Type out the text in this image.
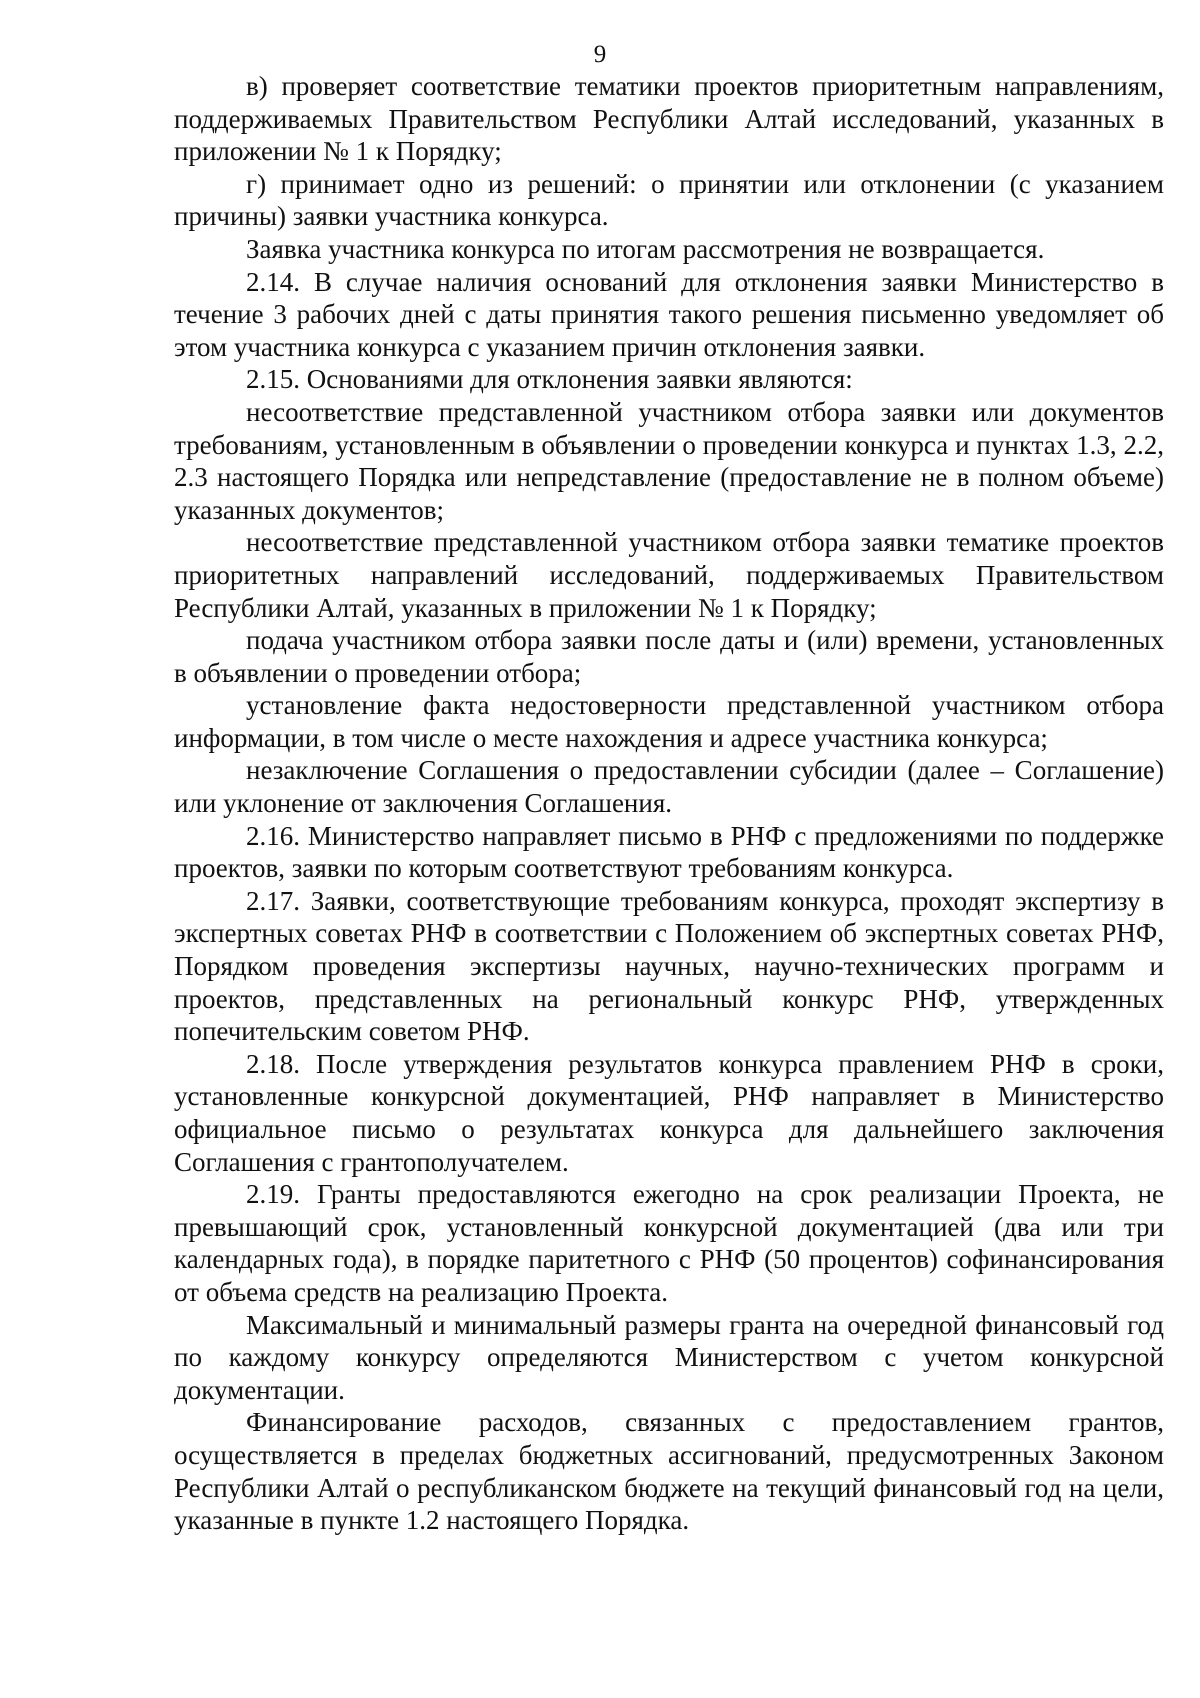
9

в) проверяет соответствие тематики проектов приоритетным направлениям, поддерживаемых Правительством Республики Алтай исследований, указанных в приложении № 1 к Порядку;

г) принимает одно из решений: о принятии или отклонении (с указанием причины) заявки участника конкурса.

Заявка участника конкурса по итогам рассмотрения не возвращается.

2.14. В случае наличия оснований для отклонения заявки Министерство в течение 3 рабочих дней с даты принятия такого решения письменно уведомляет об этом участника конкурса с указанием причин отклонения заявки.

2.15. Основаниями для отклонения заявки являются:

несоответствие представленной участником отбора заявки или документов требованиям, установленным в объявлении о проведении конкурса и пунктах 1.3, 2.2, 2.3 настоящего Порядка или непредставление (предоставление не в полном объеме) указанных документов;

несоответствие представленной участником отбора заявки тематике проектов приоритетных направлений исследований, поддерживаемых Правительством Республики Алтай, указанных в приложении № 1 к Порядку;

подача участником отбора заявки после даты и (или) времени, установленных в объявлении о проведении отбора;

установление факта недостоверности представленной участником отбора информации, в том числе о месте нахождения и адресе участника конкурса;

незаключение Соглашения о предоставлении субсидии (далее – Соглашение) или уклонение от заключения Соглашения.

2.16. Министерство направляет письмо в РНФ с предложениями по поддержке проектов, заявки по которым соответствуют требованиям конкурса.

2.17. Заявки, соответствующие требованиям конкурса, проходят экспертизу в экспертных советах РНФ в соответствии с Положением об экспертных советах РНФ, Порядком проведения экспертизы научных, научно-технических программ и проектов, представленных на региональный конкурс РНФ, утвержденных попечительским советом РНФ.

2.18. После утверждения результатов конкурса правлением РНФ в сроки, установленные конкурсной документацией, РНФ направляет в Министерство официальное письмо о результатах конкурса для дальнейшего заключения Соглашения с грантополучателем.

2.19. Гранты предоставляются ежегодно на срок реализации Проекта, не превышающий срок, установленный конкурсной документацией (два или три календарных года), в порядке паритетного с РНФ (50 процентов) софинансирования от объема средств на реализацию Проекта.

Максимальный и минимальный размеры гранта на очередной финансовый год по каждому конкурсу определяются Министерством с учетом конкурсной документации.

Финансирование расходов, связанных с предоставлением грантов, осуществляется в пределах бюджетных ассигнований, предусмотренных Законом Республики Алтай о республиканском бюджете на текущий финансовый год на цели, указанные в пункте 1.2 настоящего Порядка.
